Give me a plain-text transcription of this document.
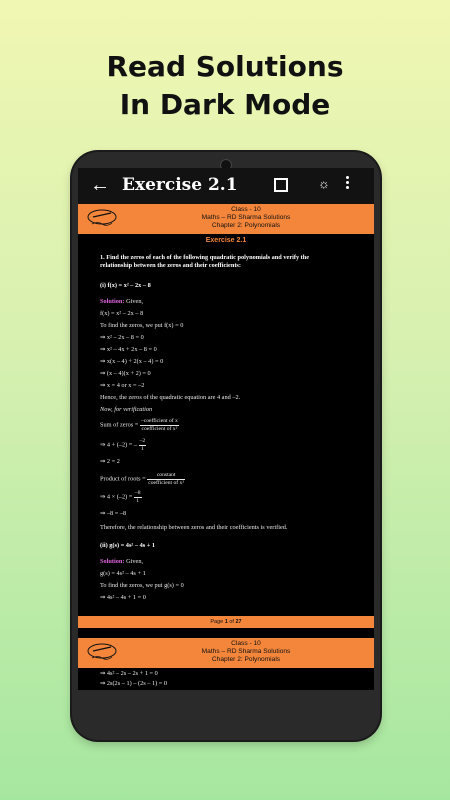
Read Solutions
In Dark Mode
← Exercise 2.1	☼
Class - 10
Maths – RD Sharma Solutions
Chapter 2: Polynomials
Exercise 2.1
1. Find the zeros of each of the following quadratic polynomials and verify the
relationship between the zeros and their coefficients:
(i) f(x) = x² – 2x – 8
Solution: Given,
f(x) = x² – 2x – 8
To find the zeros, we put f(x) = 0
⇒ x² – 2x – 8 = 0
⇒ x² – 4x + 2x – 8 = 0
⇒ x(x – 4) + 2(x – 4) = 0
⇒ (x – 4)(x + 2) = 0
⇒ x = 4 or x = –2
Hence, the zeros of the quadratic equation are 4 and –2.
Now, for verification
Sum of zeros = $\frac{\text{–coefficient of x}}{\text{coefficient of x²}}$
⇒ 4 + (–2) = – $\frac{-2}{1}$
⇒ 2 = 2
Product of roots = $\frac{\text{constant}}{\text{coefficient of x²}}$
⇒ $4 \times (-2) = \frac{-8}{1}$
⇒ –8 = –8
Therefore, the relationship between zeros and their coefficients is verified.
(ii) g(s) = 4s² – 4s + 1
Solution: Given,
g(s) = 4s² – 4s + 1
To find the zeros, we put g(s) = 0
⇒ 4s² – 4s + 1 = 0
Page 1 of 27
Class - 10
Maths – RD Sharma Solutions
Chapter 2: Polynomials
⇒ 4s² – 2s – 2s + 1 = 0
⇒ 2s(2s – 1) – (2s – 1) = 0
